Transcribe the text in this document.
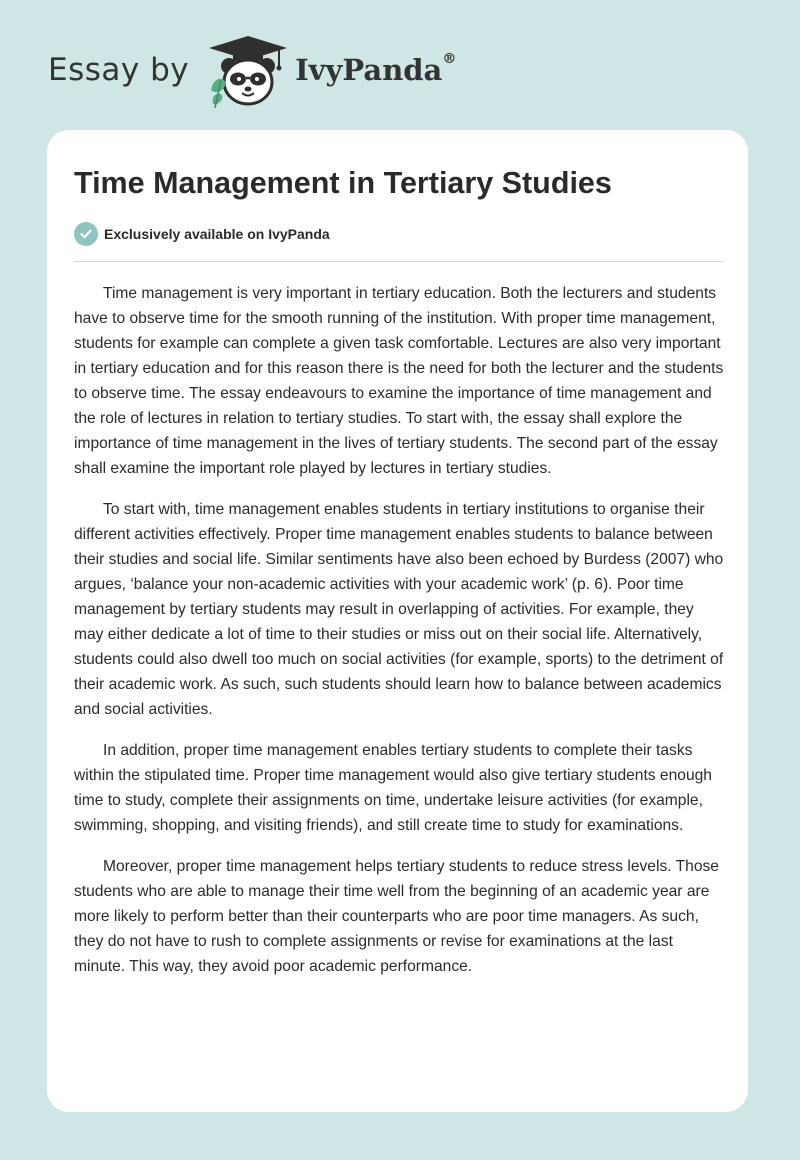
Essay by	IvyPanda®
Time Management in Tertiary Studies
Exclusively available on IvyPanda

Time management is very important in tertiary education. Both the lecturers and students have to observe time for the smooth running of the institution. With proper time management, students for example can complete a given task comfortable. Lectures are also very important in tertiary education and for this reason there is the need for both the lecturer and the students to observe time. The essay endeavours to examine the importance of time management and the role of lectures in relation to tertiary studies. To start with, the essay shall explore the importance of time management in the lives of tertiary students. The second part of the essay shall examine the important role played by lectures in tertiary studies.

To start with, time management enables students in tertiary institutions to organise their different activities effectively. Proper time management enables students to balance between their studies and social life. Similar sentiments have also been echoed by Burdess (2007) who argues, ‘balance your non-academic activities with your academic work’ (p. 6). Poor time management by tertiary students may result in overlapping of activities. For example, they may either dedicate a lot of time to their studies or miss out on their social life. Alternatively, students could also dwell too much on social activities (for example, sports) to the detriment of their academic work. As such, such students should learn how to balance between academics and social activities.

In addition, proper time management enables tertiary students to complete their tasks within the stipulated time. Proper time management would also give tertiary students enough time to study, complete their assignments on time, undertake leisure activities (for example, swimming, shopping, and visiting friends), and still create time to study for examinations.

Moreover, proper time management helps tertiary students to reduce stress levels. Those students who are able to manage their time well from the beginning of an academic year are more likely to perform better than their counterparts who are poor time managers. As such, they do not have to rush to complete assignments or revise for examinations at the last minute. This way, they avoid poor academic performance.
